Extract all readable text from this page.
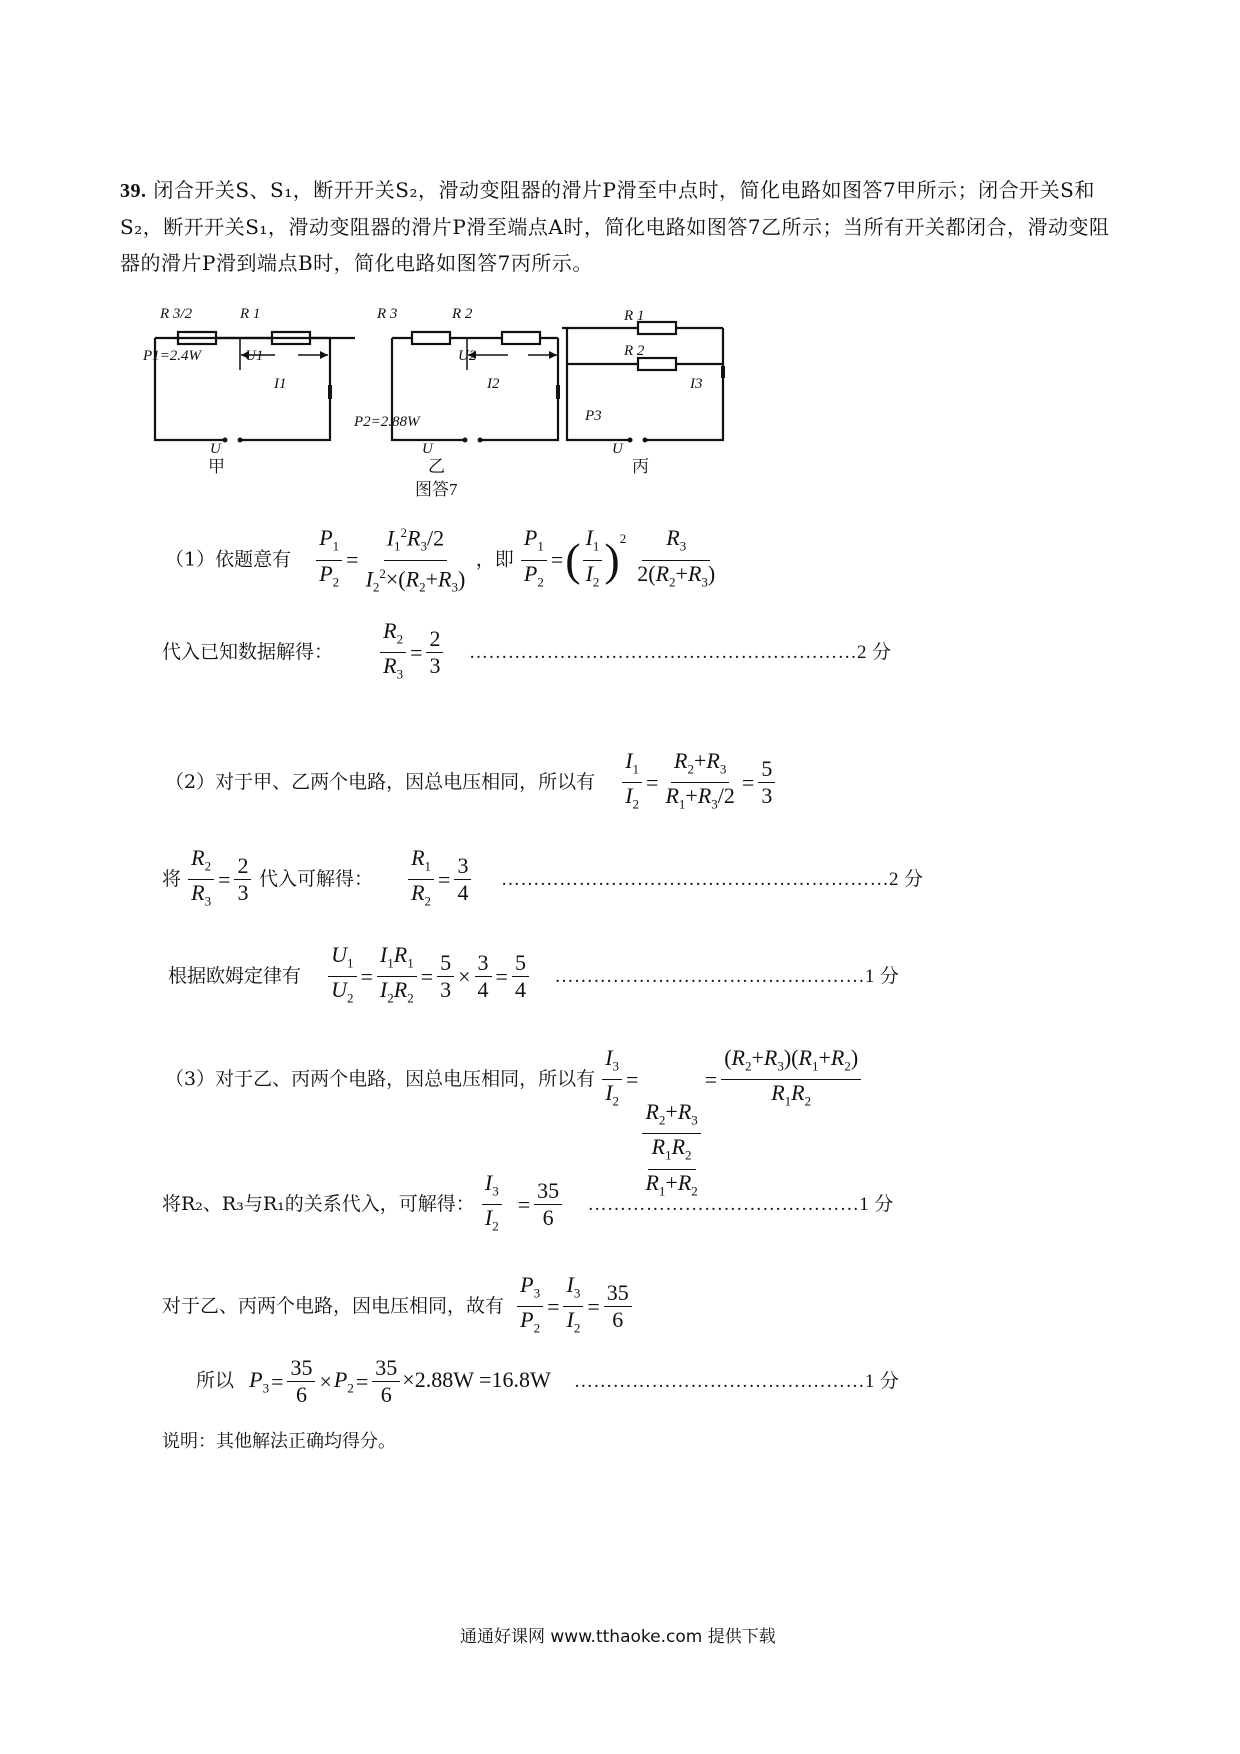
39. 闭合开关S、S₁，断开开关S₂，滑动变阻器的滑片P滑至中点时，简化电路如图答7甲所示；闭合开关S和S₂，断开开关S₁，滑动变阻器的滑片P滑至端点A时，简化电路如图答7乙所示；当所有开关都闭合，滑动变阻器的滑片P滑到端点B时，简化电路如图答7丙所示。
R 3/2	R 1
P1=2.4W	U1
I1
U
R 3	R 2
P2=2.88W
U2
I2
U
R 1
R 2
P3
I3
U
甲	乙	丙
图答7
（1）依题意有 $\frac{P_1}{P_2} = \frac{I_1^2R_3/2}{I_2^2\times(R_2+R_3)}$ ，即 $\frac{P_1}{P_2}$ =( $\frac{I_1}{I_2} )^2 \frac{R_3}{2(R_2+R_3)}$
代入已知数据解得： $\frac{R_2}{R_3} = \frac{2}{3}$ ……………………………………………………2 分
（2）对于甲、乙两个电路，因总电压相同，所以有 $\frac{I_1}{I_2} = \frac{R_2+R_3}{R_1+R_3/2} = \frac{5}{3}$
将 $\frac{R_2}{R_3} = \frac{2}{3}$ 代入可解得： $\frac{R_1}{R_2} = \frac{3}{4}$ ……………………………………………………2 分
根据欧姆定律有 $\frac{U_1}{U_2} = \frac{I_1R_1}{I_2R_2} = \frac{5}{3} \times \frac{3}{4} = \frac{5}{4}$ …………………………………………1 分
（3）对于乙、丙两个电路，因总电压相同，所以有 $\frac{I_3}{I_2}$ =
$R_2+R_3$
$R_1R_2$
$R_1+R_2$
= $\frac{(R_2+R_3)(R_1+R_2)}{R_1R_2}$
将R₂、R₃与R₁的关系代入，可解得： $\frac{I_3}{I_2} = \frac{35}{6}$ ……………………………………1 分
对于乙、丙两个电路，因电压相同，故有 $\frac{P_3}{P_2} = \frac{I_3}{I_2} = \frac{35}{6}$
所以 $P_3= \frac{35}{6} \times P_2= \frac{35}{6} \times 2.88W =16.8W$ ………………………………………1 分
说明：其他解法正确均得分。
通通好课网 www.tthaoke.com 提供下载
